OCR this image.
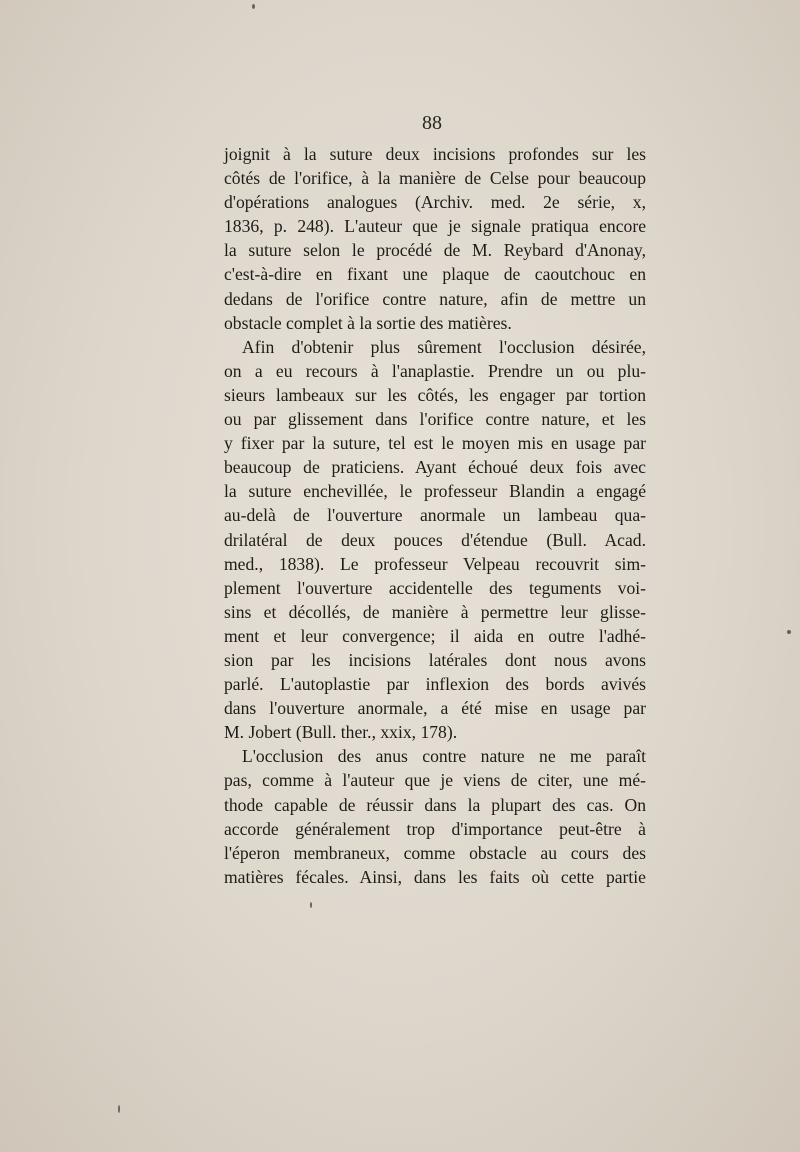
88
joignit à la suture deux incisions profondes sur les
côtés de l'orifice, à la manière de Celse pour beaucoup
d'opérations analogues (Archiv. med. 2e série, x,
1836, p. 248). L'auteur que je signale pratiqua encore
la suture selon le procédé de M. Reybard d'Anonay,
c'est-à-dire en fixant une plaque de caoutchouc en
dedans de l'orifice contre nature, afin de mettre un
obstacle complet à la sortie des matières.
Afin d'obtenir plus sûrement l'occlusion désirée,
on a eu recours à l'anaplastie. Prendre un ou plu-
sieurs lambeaux sur les côtés, les engager par tortion
ou par glissement dans l'orifice contre nature, et les
y fixer par la suture, tel est le moyen mis en usage par
beaucoup de praticiens. Ayant échoué deux fois avec
la suture enchevillée, le professeur Blandin a engagé
au-delà de l'ouverture anormale un lambeau qua-
drilatéral de deux pouces d'étendue (Bull. Acad.
med., 1838). Le professeur Velpeau recouvrit sim-
plement l'ouverture accidentelle des teguments voi-
sins et décollés, de manière à permettre leur glisse-
ment et leur convergence; il aida en outre l'adhé-
sion par les incisions latérales dont nous avons
parlé. L'autoplastie par inflexion des bords avivés
dans l'ouverture anormale, a été mise en usage par
M. Jobert (Bull. ther., xxix, 178).
L'occlusion des anus contre nature ne me paraît
pas, comme à l'auteur que je viens de citer, une mé-
thode capable de réussir dans la plupart des cas. On
accorde généralement trop d'importance peut-être à
l'éperon membraneux, comme obstacle au cours des
matières fécales. Ainsi, dans les faits où cette partie
